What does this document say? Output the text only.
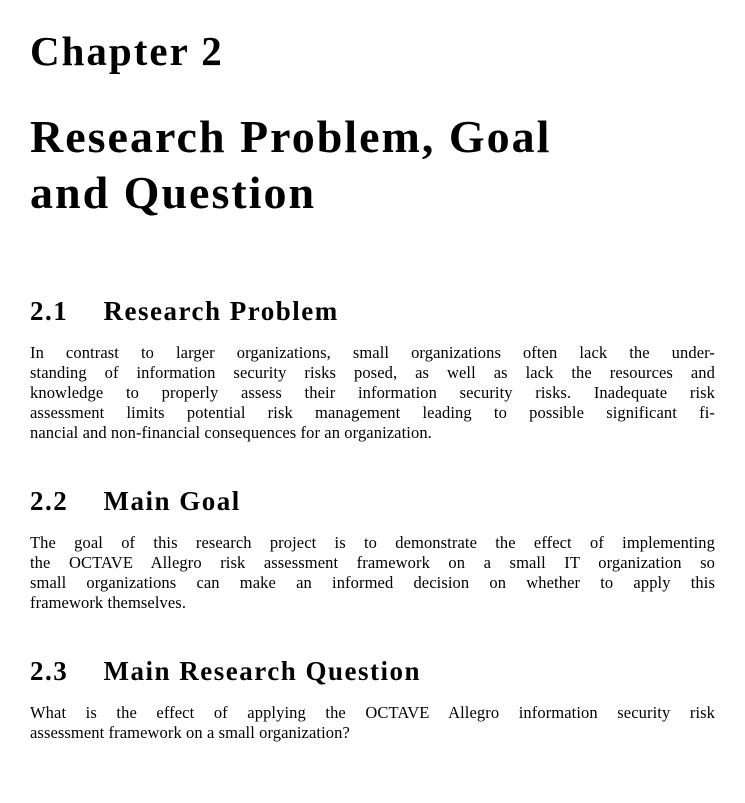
Chapter 2
Research Problem, Goal
and Question
2.1 Research Problem
In contrast to larger organizations, small organizations often lack the under-
standing of information security risks posed, as well as lack the resources and
knowledge to properly assess their information security risks. Inadequate risk
assessment limits potential risk management leading to possible significant fi-
nancial and non-financial consequences for an organization.
2.2 Main Goal
The goal of this research project is to demonstrate the effect of implementing
the OCTAVE Allegro risk assessment framework on a small IT organization so
small organizations can make an informed decision on whether to apply this
framework themselves.
2.3 Main Research Question
What is the effect of applying the OCTAVE Allegro information security risk
assessment framework on a small organization?
